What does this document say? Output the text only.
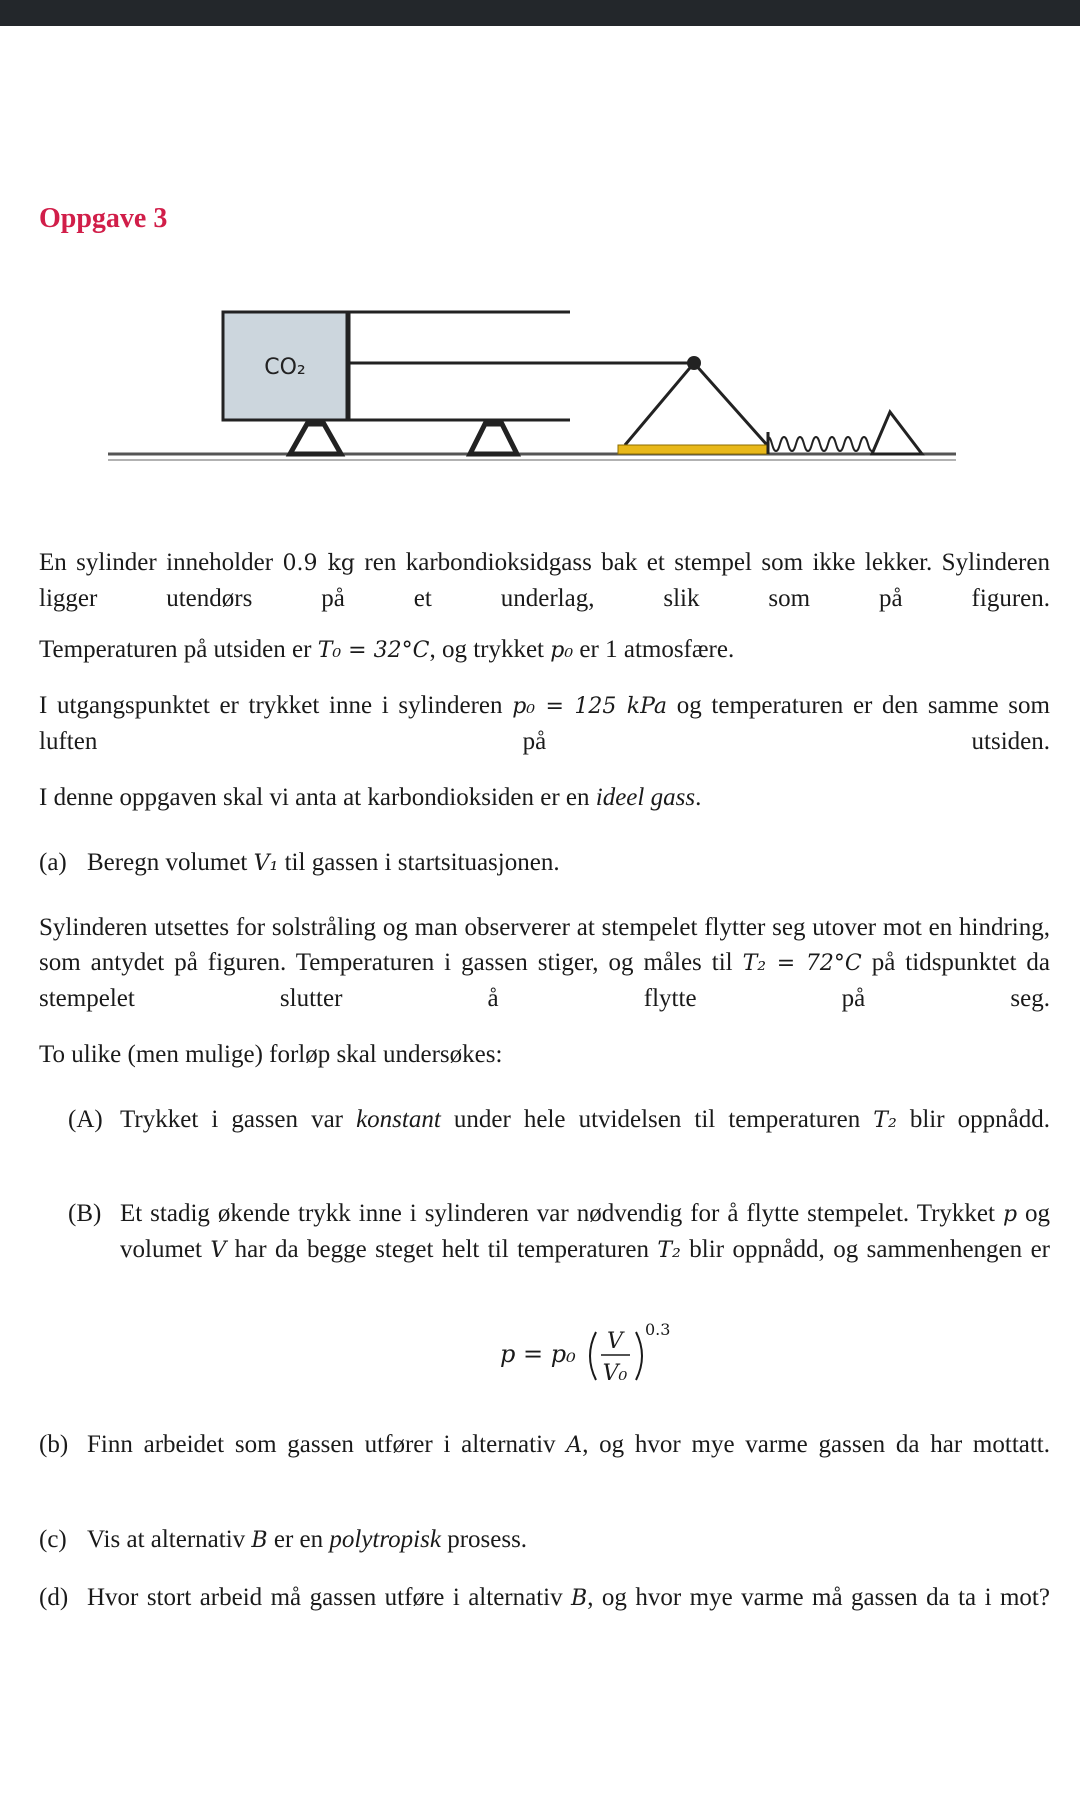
Oppgave 3
CO₂

En sylinder inneholder 0.9 kg ren karbondioksidgass bak et stempel som ikke lekker. Sylinderen ligger utendørs på et underlag, slik som på figuren.

Temperaturen på utsiden er T₀ = 32°C, og trykket p₀ er 1 atmosfære.

I utgangspunktet er trykket inne i sylinderen p₀ = 125 kPa og temperaturen er den samme som luften på utsiden.

I denne oppgaven skal vi anta at karbondioksiden er en ideel gass.

(a) Beregn volumet V₁ til gassen i startsituasjonen.

Sylinderen utsettes for solstråling og man observerer at stempelet flytter seg utover mot en hindring, som antydet på figuren. Temperaturen i gassen stiger, og måles til T₂ = 72°C på tidspunktet da stempelet slutter å flytte på seg.

To ulike (men mulige) forløp skal undersøkes:

(A) Trykket i gassen var konstant under hele utvidelsen til temperaturen T₂ blir oppnådd.

(B) Et stadig økende trykk inne i sylinderen var nødvendig for å flytte stempelet. Trykket p og volumet V har da begge steget helt til temperaturen T₂ blir oppnådd, og sammenhengen er

p = p₀ V
V₀
0.3
(b) Finn arbeidet som gassen utfører i alternativ A, og hvor mye varme gassen da har mottatt.

(c) Vis at alternativ B er en polytropisk prosess.

(d) Hvor stort arbeid må gassen utføre i alternativ B, og hvor mye varme må gassen da ta i mot?
